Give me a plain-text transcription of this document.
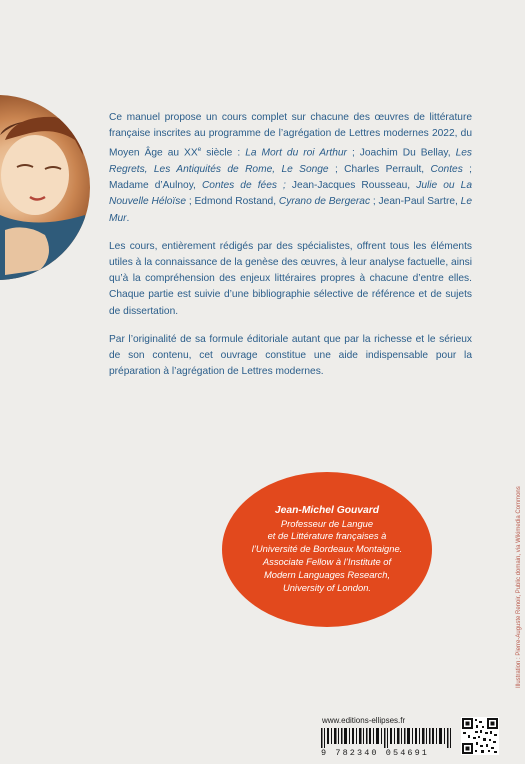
Ce manuel propose un cours complet sur chacune des œuvres de littérature française inscrites au programme de l’agrégation de Lettres modernes 2022, du Moyen Âge au XXe siècle : La Mort du roi Arthur ; Joachim Du Bellay, Les Regrets, Les Antiquités de Rome, Le Songe ; Charles Perrault, Contes ; Madame d’Aulnoy, Contes de fées ; Jean-Jacques Rousseau, Julie ou La Nouvelle Héloïse ; Edmond Rostand, Cyrano de Bergerac ; Jean-Paul Sartre, Le Mur.

Les cours, entièrement rédigés par des spécialistes, offrent tous les éléments utiles à la connaissance de la genèse des œuvres, à leur analyse factuelle, ainsi qu’à la compréhension des enjeux littéraires propres à chacune d’entre elles. Chaque partie est suivie d’une bibliographie sélective de référence et de sujets de dissertation.

Par l’originalité de sa formule éditoriale autant que par la richesse et le sérieux de son contenu, cet ouvrage constitue une aide indispensable pour la préparation à l’agrégation de Lettres modernes.

Illustration : Pierre-Auguste Renoir, Public domain, via Wikimedia Commons
Jean-Michel Gouvard
Professeur de Langue
et de Littérature françaises à
l’Université de Bordeaux Montaigne.
Associate Fellow à l’Institute of
Modern Languages Research,
University of London.
www.editions-ellipses.fr
9 782340 054691
